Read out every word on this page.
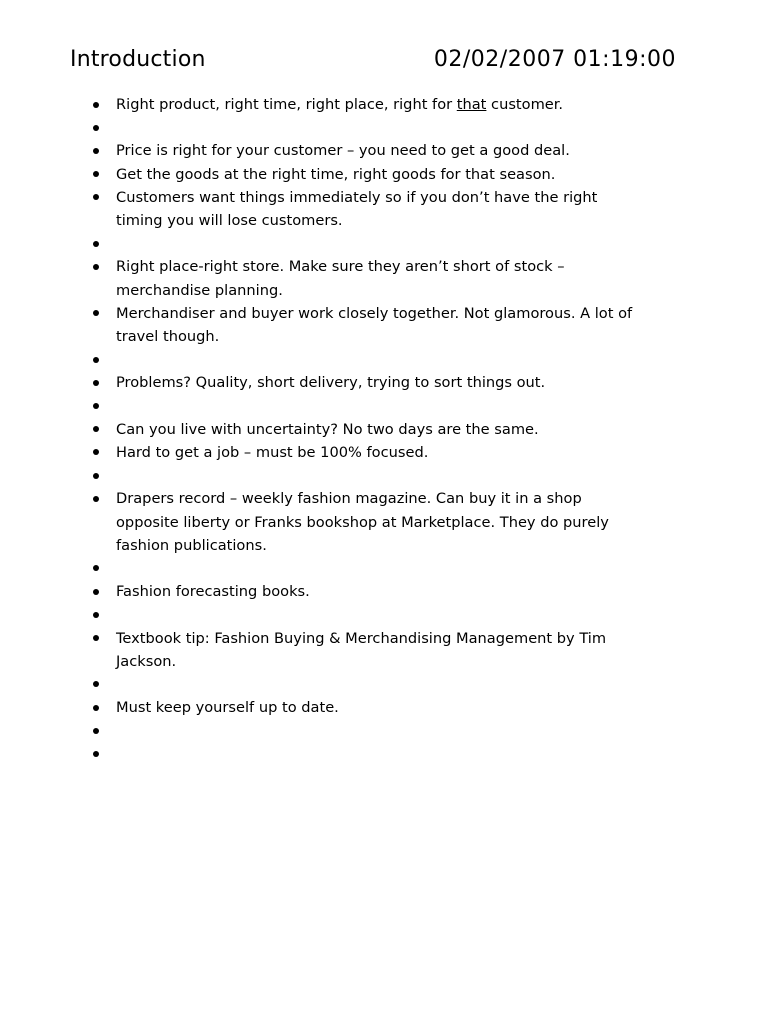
Introduction	02/02/2007 01:19:00
Right product, right time, right place, right for that customer.
Price is right for your customer – you need to get a good deal.
Get the goods at the right time, right goods for that season.
Customers want things immediately so if you don’t have the right
timing you will lose customers.
Right place-right store. Make sure they aren’t short of stock –
merchandise planning.
Merchandiser and buyer work closely together. Not glamorous. A lot of
travel though.
Problems? Quality, short delivery, trying to sort things out.
Can you live with uncertainty? No two days are the same.
Hard to get a job – must be 100% focused.
Drapers record – weekly fashion magazine. Can buy it in a shop
opposite liberty or Franks bookshop at Marketplace. They do purely
fashion publications.
Fashion forecasting books.
Textbook tip: Fashion Buying & Merchandising Management by Tim
Jackson.
Must keep yourself up to date.
